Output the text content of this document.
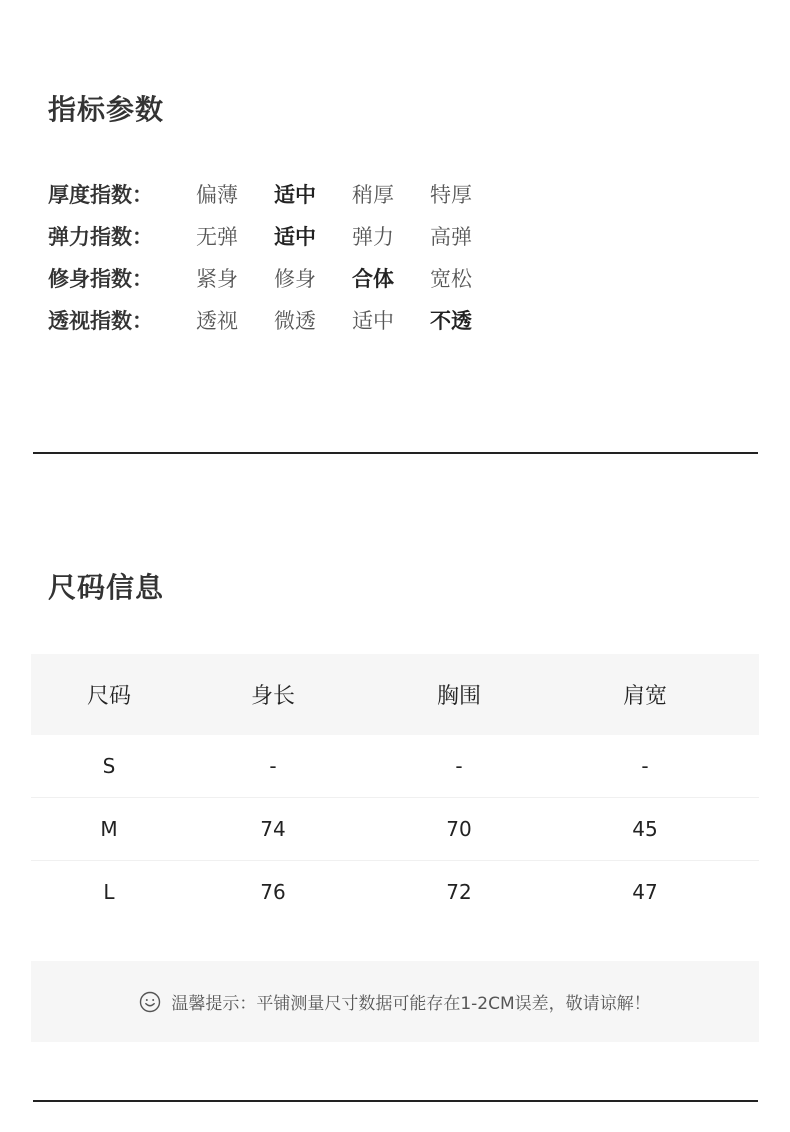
指标参数
厚度指数：	偏薄	适中	稍厚	特厚
弹力指数：	无弹	适中	弹力	高弹
修身指数：	紧身	修身	合体	宽松
透视指数：	透视	微透	适中	不透
尺码信息
尺码	身长	胸围	肩宽
S	-	-	-
M	74	70	45
L	76	72	47
温馨提示：平铺测量尺寸数据可能存在1-2CM误差，敬请谅解！
